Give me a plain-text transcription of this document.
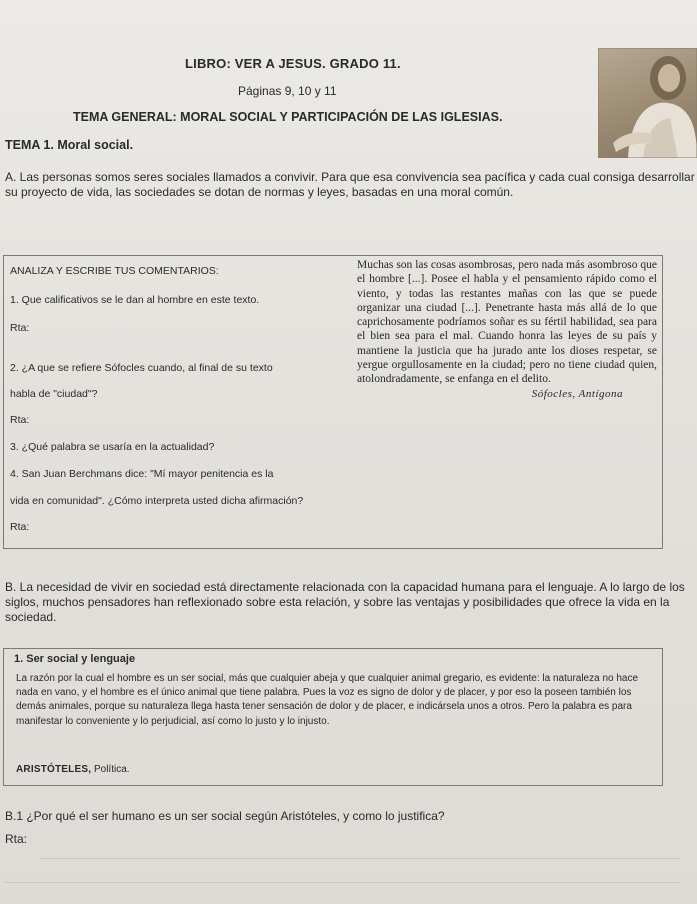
LIBRO: VER A JESUS. GRADO 11.
Páginas 9, 10 y 11
TEMA GENERAL: MORAL SOCIAL Y PARTICIPACIÓN DE LAS IGLESIAS.
TEMA 1. Moral social.
A. Las personas somos seres sociales llamados a convivir. Para que esa convivencia sea pacífica y cada cual consiga desarrollar su proyecto de vida, las sociedades se dotan de normas y leyes, basadas en una moral común.
ANALIZA Y ESCRIBE TUS COMENTARIOS:
1. Que calificativos se le dan al hombre en este texto.
Rta:
2. ¿A que se refiere Sófocles cuando, al final de su texto
habla de "ciudad"?
Rta:
3. ¿Qué palabra se usaría en la actualidad?
4. San Juan Berchmans dice: "Mí mayor penitencia es la
vida en comunidad". ¿Cómo interpreta usted dicha afirmación?
Rta:
Muchas son las cosas asombrosas, pero nada más asombroso que el hombre [...]. Posee el habla y el pensamiento rápido como el viento, y todas las restantes mañas con las que se puede organizar una ciudad [...]. Penetrante hasta más allá de lo que caprichosamente podríamos soñar es su fértil habilidad, sea para el bien sea para el mal. Cuando honra las leyes de su país y mantiene la justicia que ha jurado ante los dioses respetar, se yergue orgullosamente en la ciudad; pero no tiene ciudad quien, atolondradamente, se enfanga en el delito.
Sófocles, Antígona
B. La necesidad de vivir en sociedad está directamente relacionada con la capacidad humana para el lenguaje. A lo largo de los siglos, muchos pensadores han reflexionado sobre esta relación, y sobre las ventajas y posibilidades que ofrece la vida en la sociedad.
1. Ser social y lenguaje
La razón por la cual el hombre es un ser social, más que cualquier abeja y que cualquier animal gregario, es evidente: la naturaleza no hace nada en vano, y el hombre es el único animal que tiene palabra. Pues la voz es signo de dolor y de placer, y por eso la poseen también los demás animales, porque su naturaleza llega hasta tener sensación de dolor y de placer, e indicársela unos a otros. Pero la palabra es para manifestar lo conveniente y lo perjudicial, así como lo justo y lo injusto.
ARISTÓTELES, Política.
B.1 ¿Por qué el ser humano es un ser social según Aristóteles, y como lo justifica?
Rta:
